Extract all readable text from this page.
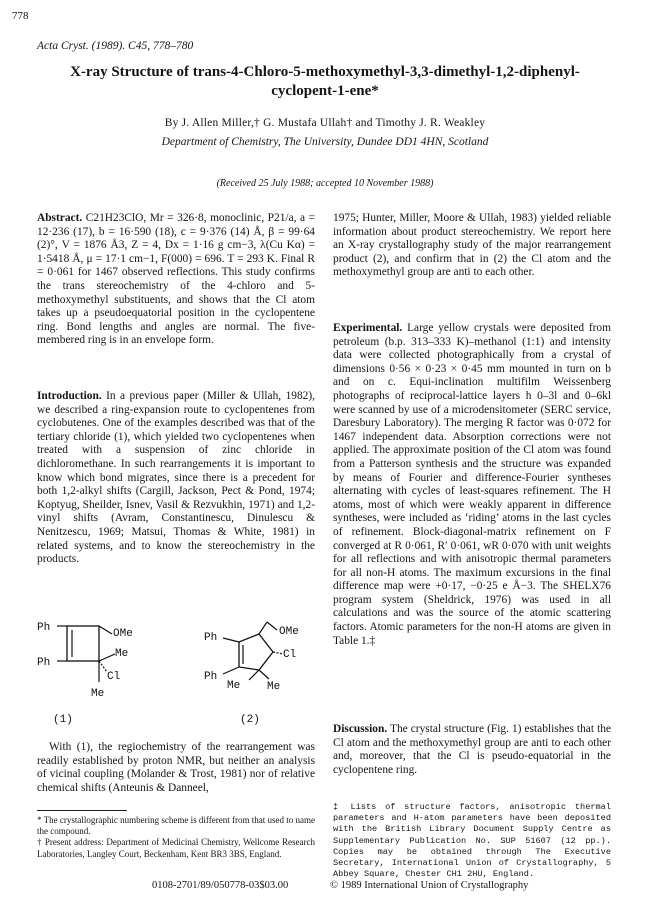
778
Acta Cryst. (1989). C45, 778–780
X-ray Structure of trans-4-Chloro-5-methoxymethyl-3,3-dimethyl-1,2-diphenyl-
cyclopent-1-ene*
By J. Allen Miller,† G. Mustafa Ullah† and Timothy J. R. Weakley
Department of Chemistry, The University, Dundee DD1 4HN, Scotland
(Received 25 July 1988; accepted 10 November 1988)

Abstract. C21H23ClO, Mr = 326·8, monoclinic, P21/a, a = 12·236 (17), b = 16·590 (18), c = 9·376 (14) Å, β = 99·64 (2)°, V = 1876 Å3, Z = 4, Dx = 1·16 g cm−3, λ(Cu Kα) = 1·5418 Å, μ = 17·1 cm−1, F(000) = 696. T = 293 K. Final R = 0·061 for 1467 observed reflections. This study confirms the trans stereochemistry of the 4-chloro and 5-methoxymethyl substituents, and shows that the Cl atom takes up a pseudoequatorial position in the cyclopentene ring. Bond lengths and angles are normal. The five-membered ring is in an envelope form.

Introduction. In a previous paper (Miller & Ullah, 1982), we described a ring-expansion route to cyclopentenes from cyclobutenes. One of the examples described was that of the tertiary chloride (1), which yielded two cyclopentenes when treated with a suspension of zinc chloride in dichloromethane. In such rearrangements it is important to know which bond migrates, since there is a precedent for both 1,2-alkyl shifts (Cargill, Jackson, Pect & Pond, 1974; Koptyug, Sheilder, Isnev, Vasil & Rezvukhin, 1971) and 1,2-vinyl shifts (Avram, Constantinescu, Dinulescu & Nenitzescu, 1969; Matsui, Thomas & White, 1981) in related systems, and to know the stereochemistry in the products.

Ph
Ph
OMe
Me
Cl
Me
(1)
Ph
Ph
OMe
Cl
Me Me
(2)

With (1), the regiochemistry of the rearrangement was readily established by proton NMR, but neither an analysis of vicinal coupling (Molander & Trost, 1981) nor of relative chemical shifts (Anteunis & Danneel,

* The crystallographic numbering scheme is different from that used to name the compound.

† Present address: Department of Medicinal Chemistry, Wellcome Research Laboratories, Langley Court, Beckenham, Kent BR3 3BS, England.

1975; Hunter, Miller, Moore & Ullah, 1983) yielded reliable information about product stereochemistry. We report here an X-ray crystallography study of the major rearrangement product (2), and confirm that in (2) the Cl atom and the methoxymethyl group are anti to each other.

Experimental. Large yellow crystals were deposited from petroleum (b.p. 313–333 K)–methanol (1:1) and intensity data were collected photographically from a crystal of dimensions 0·56 × 0·23 × 0·45 mm mounted in turn on b and on c. Equi-inclination multifilm Weissenberg photographs of reciprocal-lattice layers h 0–3l and 0–6kl were scanned by use of a microdensitometer (SERC service, Daresbury Laboratory). The merging R factor was 0·072 for 1467 independent data. Absorption corrections were not applied. The approximate position of the Cl atom was found from a Patterson synthesis and the structure was expanded by means of Fourier and difference-Fourier syntheses alternating with cycles of least-squares refinement. The H atoms, most of which were weakly apparent in difference syntheses, were included as ‘riding’ atoms in the last cycles of refinement. Block-diagonal-matrix refinement on F converged at R 0·061, R′ 0·061, wR 0·070 with unit weights for all reflections and with anisotropic thermal parameters for all non-H atoms. The maximum excursions in the final difference map were +0·17, −0·25 e Å−3. The SHELX76 program system (Sheldrick, 1976) was used in all calculations and was the source of the atomic scattering factors. Atomic parameters for the non-H atoms are given in Table 1.‡

Discussion. The crystal structure (Fig. 1) establishes that the Cl atom and the methoxymethyl group are anti to each other and, moreover, that the Cl is pseudo-equatorial in the cyclopentene ring.

‡ Lists of structure factors, anisotropic thermal parameters and H-atom parameters have been deposited with the British Library Document Supply Centre as Supplementary Publication No. SUP 51607 (12 pp.). Copies may be obtained through The Executive Secretary, International Union of Crystallography, 5 Abbey Square, Chester CH1 2HU, England.
0108-2701/89/050778-03$03.00	© 1989 International Union of Crystallography
